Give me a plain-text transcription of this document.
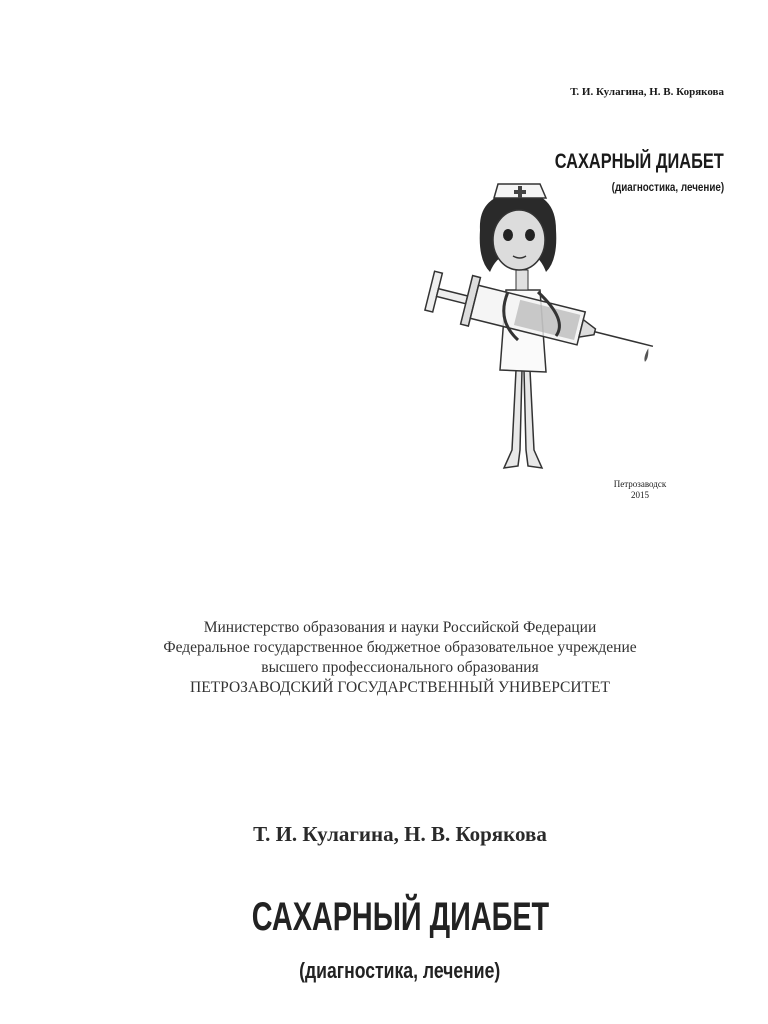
Т. И. Кулагина, Н. В. Корякова
САХАРНЫЙ ДИАБЕТ
(диагностика, лечение)
Петрозаводск
2015
Министерство образования и науки Российской Федерации
Федеральное государственное бюджетное образовательное учреждение
высшего профессионального образования
ПЕТРОЗАВОДСКИЙ ГОСУДАРСТВЕННЫЙ УНИВЕРСИТЕТ
Т. И. Кулагина, Н. В. Корякова
САХАРНЫЙ ДИАБЕТ
(диагностика, лечение)
